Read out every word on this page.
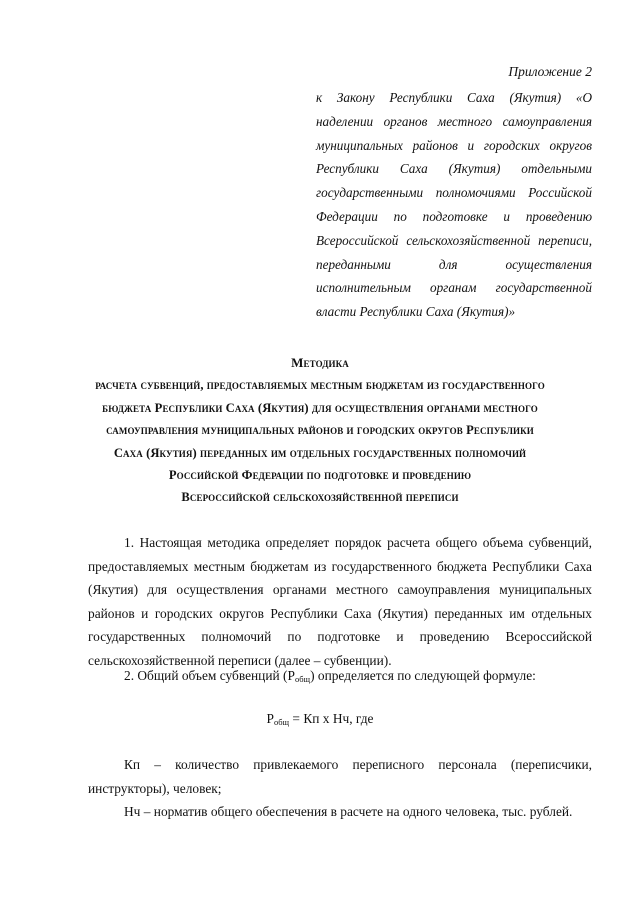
Приложение 2
к Закону Республики Саха (Якутия) «О наделении органов местного самоуправления муниципальных районов и городских округов Республики Саха (Якутия) отдельными государственными полномочиями Российской Федерации по подготовке и проведению Всероссийской сельскохозяйственной переписи, переданными для осуществления исполнительным органам государственной
власти Республики Саха (Якутия)»
Методика
расчета субвенций, предоставляемых местным бюджетам из государственного
бюджета Республики Саха (Якутия) для осуществления органами местного
самоуправления муниципальных районов и городских округов Республики
Саха (Якутия) переданных им отдельных государственных полномочий
Российской Федерации по подготовке и проведению
Всероссийской сельскохозяйственной переписи
1. Настоящая методика определяет порядок расчета общего объема субвенций, предоставляемых местным бюджетам из государственного бюджета Республики Саха (Якутия) для осуществления органами местного самоуправления муниципальных районов и городских округов Республики Саха (Якутия) переданных им отдельных государственных полномочий по подготовке и проведению Всероссийской сельскохозяйственной переписи (далее – субвенции).
2. Общий объем субвенций $(Р_{общ})$ определяется по следующей формуле:
$Р_{общ}$ = Кп х Нч, где
Кп – количество привлекаемого переписного персонала (переписчики, инструкторы), человек;
Нч – норматив общего обеспечения в расчете на одного человека, тыс. рублей.
